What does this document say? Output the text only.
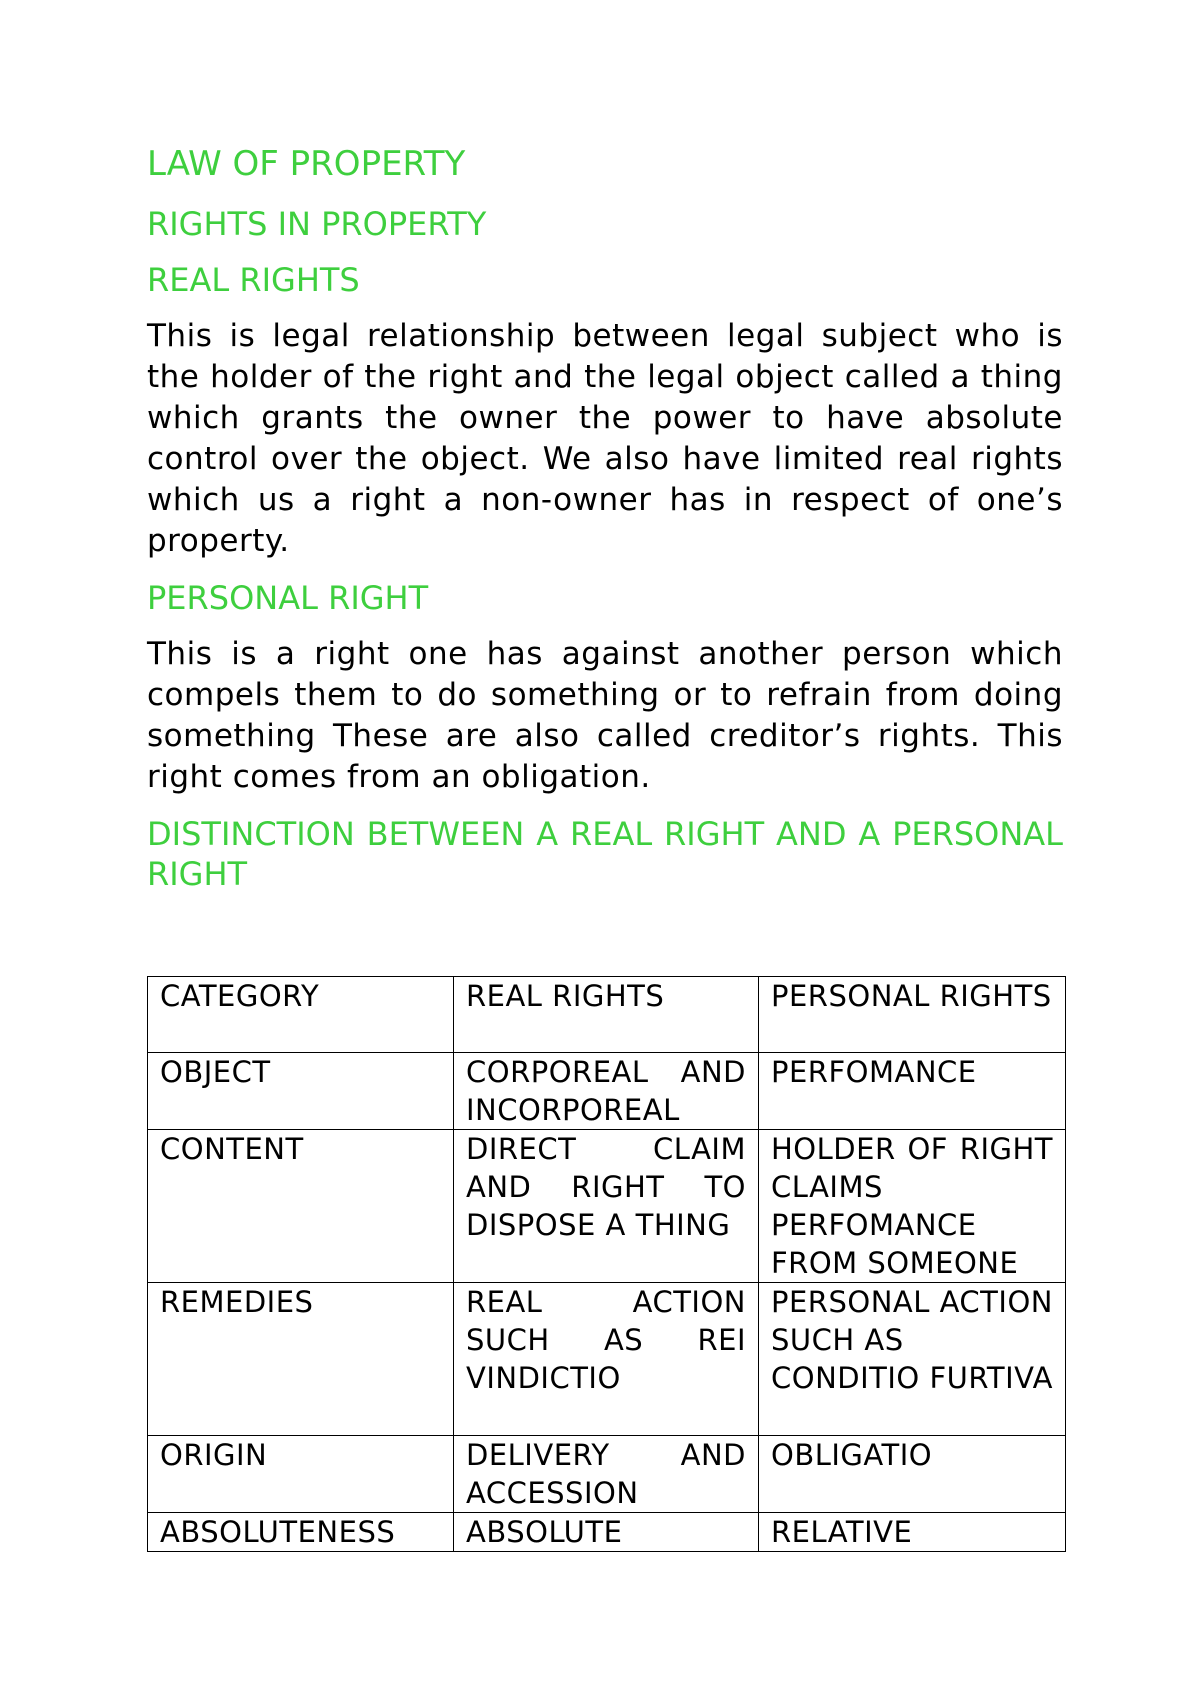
LAW OF PROPERTY

RIGHTS IN PROPERTY

REAL RIGHTS

This is legal relationship between legal subject who is the holder of the right and the legal object called a thing which grants the owner the power to have absolute control over the object. We also have limited real rights which us a right a non-owner has in respect of one’s property.

PERSONAL RIGHT

This is a right one has against another person which compels them to do something or to refrain from doing something These are also called creditor’s rights. This right comes from an obligation.

DISTINCTION BETWEEN A REAL RIGHT AND A PERSONAL RIGHT

CATEGORY	REAL RIGHTS	PERSONAL RIGHTS
OBJECT	CORPOREAL AND INCORPOREAL	PERFOMANCE
CONTENT	DIRECT CLAIM AND RIGHT TO DISPOSE A THING	HOLDER OF RIGHT CLAIMS PERFOMANCE FROM SOMEONE
REMEDIES	REAL ACTION SUCH AS REI VINDICTIO	PERSONAL ACTION SUCH AS CONDITIO FURTIVA
ORIGIN	DELIVERY AND ACCESSION	OBLIGATIO
ABSOLUTENESS	ABSOLUTE	RELATIVE
